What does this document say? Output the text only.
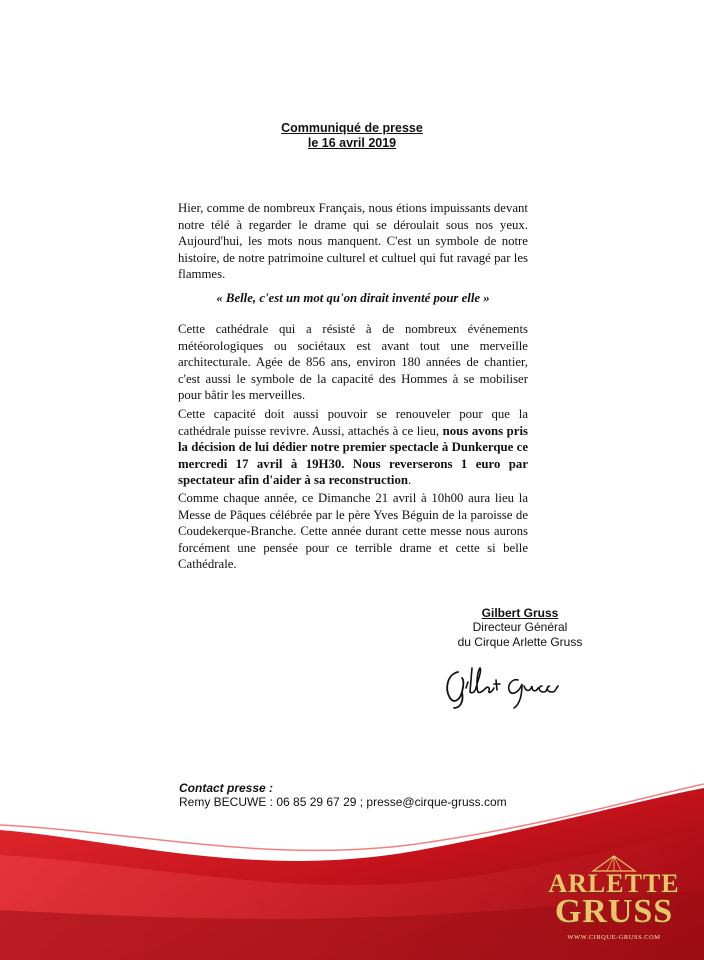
Communiqué de presse
le 16 avril 2019

Hier, comme de nombreux Français, nous étions impuissants devant notre télé à regarder le drame qui se déroulait sous nos yeux. Aujourd'hui, les mots nous manquent. C'est un symbole de notre histoire, de notre patrimoine culturel et cultuel qui fut ravagé par les flammes.

« Belle, c'est un mot qu'on dirait inventé pour elle »

Cette cathédrale qui a résisté à de nombreux événements météorologiques ou sociétaux est avant tout une merveille architecturale. Agée de 856 ans, environ 180 années de chantier, c'est aussi le symbole de la capacité des Hommes à se mobiliser pour bâtir les merveilles.

Cette capacité doit aussi pouvoir se renouveler pour que la cathédrale puisse revivre. Aussi, attachés à ce lieu, nous avons pris la décision de lui dédier notre premier spectacle à Dunkerque ce mercredi 17 avril à 19H30. Nous reverserons 1 euro par spectateur afin d'aider à sa reconstruction.

Comme chaque année, ce Dimanche 21 avril à 10h00 aura lieu la Messe de Pâques célébrée par le père Yves Béguin de la paroisse de Coudekerque-Branche. Cette année durant cette messe nous aurons forcément une pensée pour ce terrible drame et cette si belle Cathédrale.

Gilbert Gruss
Directeur Général
du Cirque Arlette Gruss
Contact presse :
Remy BECUWE : 06 85 29 67 29 ; presse@cirque-gruss.com
ARLETTE
GRUSS
WWW.CIRQUE-GRUSS.COM
